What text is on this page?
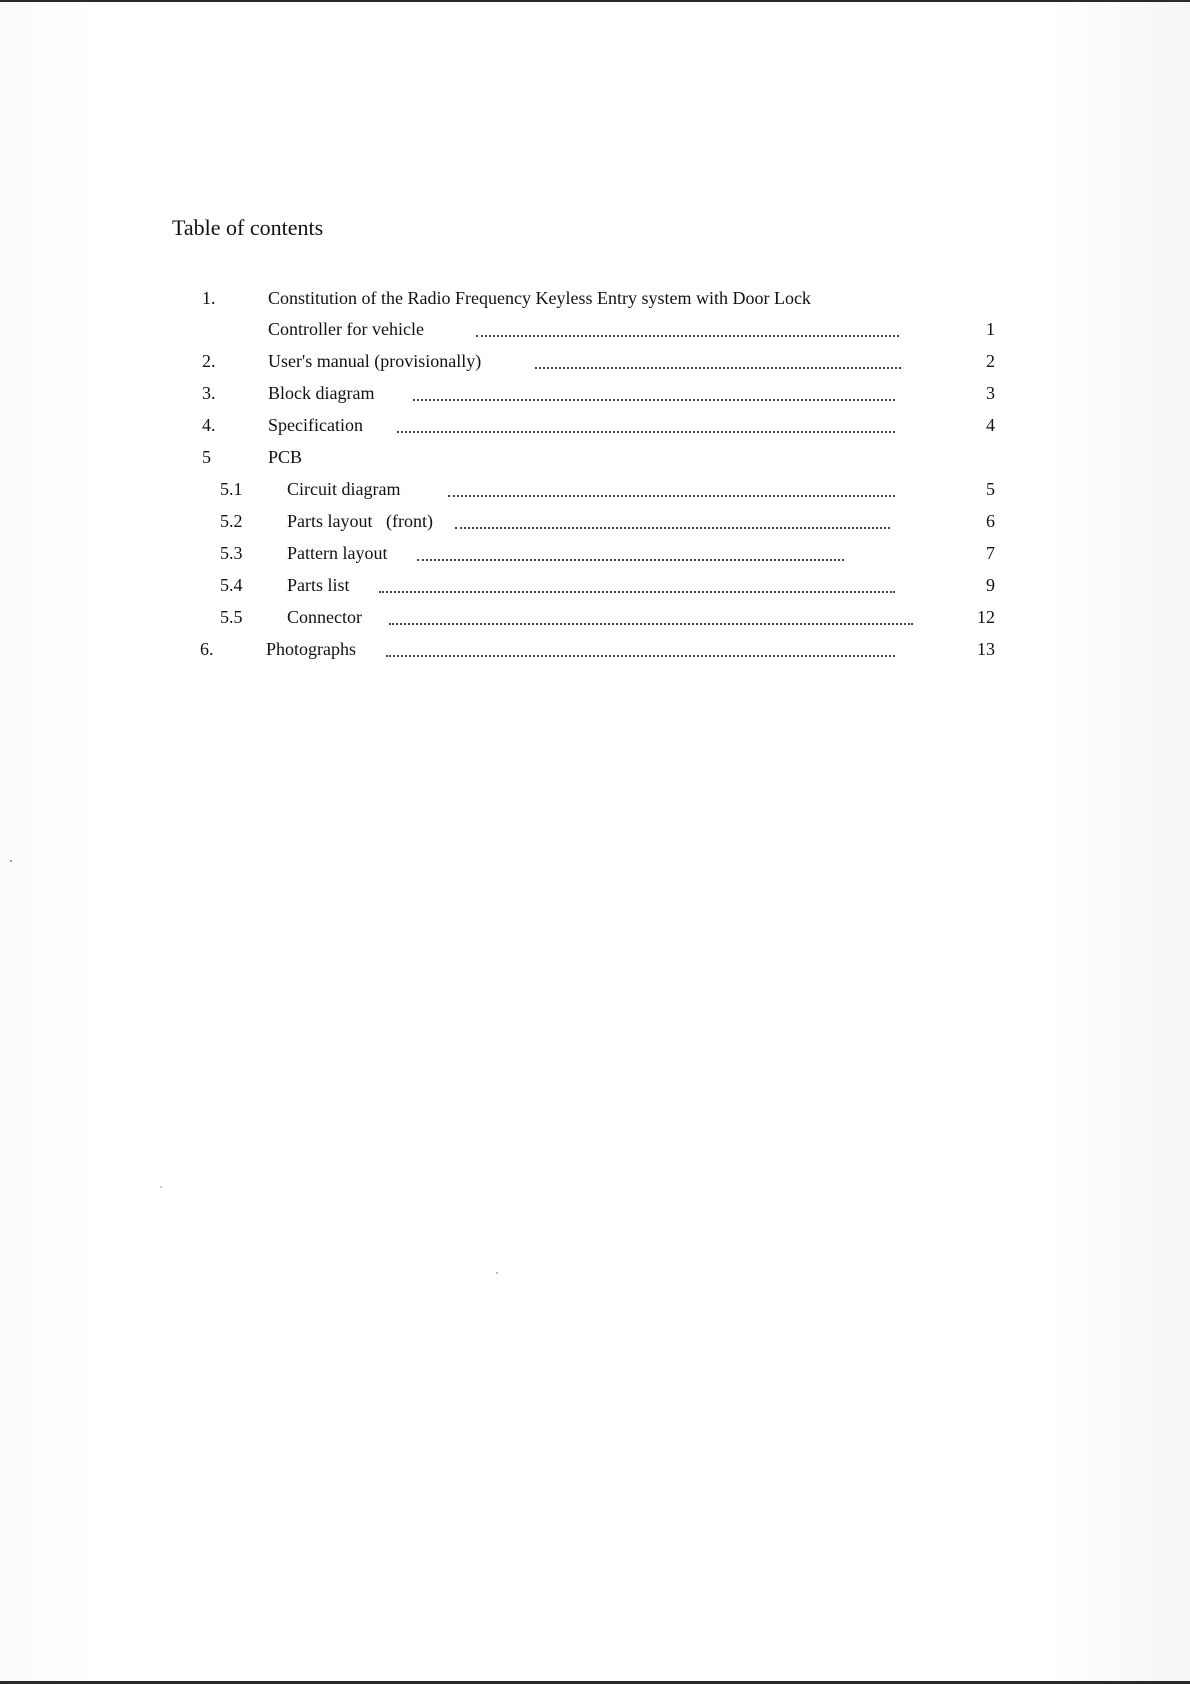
Table of contents
1.	Constitution of the Radio Frequency Keyless Entry system with Door Lock
Controller for vehicle	1
2.	User's manual (provisionally)	2
3.	Block diagram	3
4.	Specification	4
5	PCB
5.1 Circuit diagram	5
5.2 Parts layout   (front)	6
5.3 Pattern layout	7
5.4 Parts list	9
5.5 Connector	12
6.	Photographs	13
